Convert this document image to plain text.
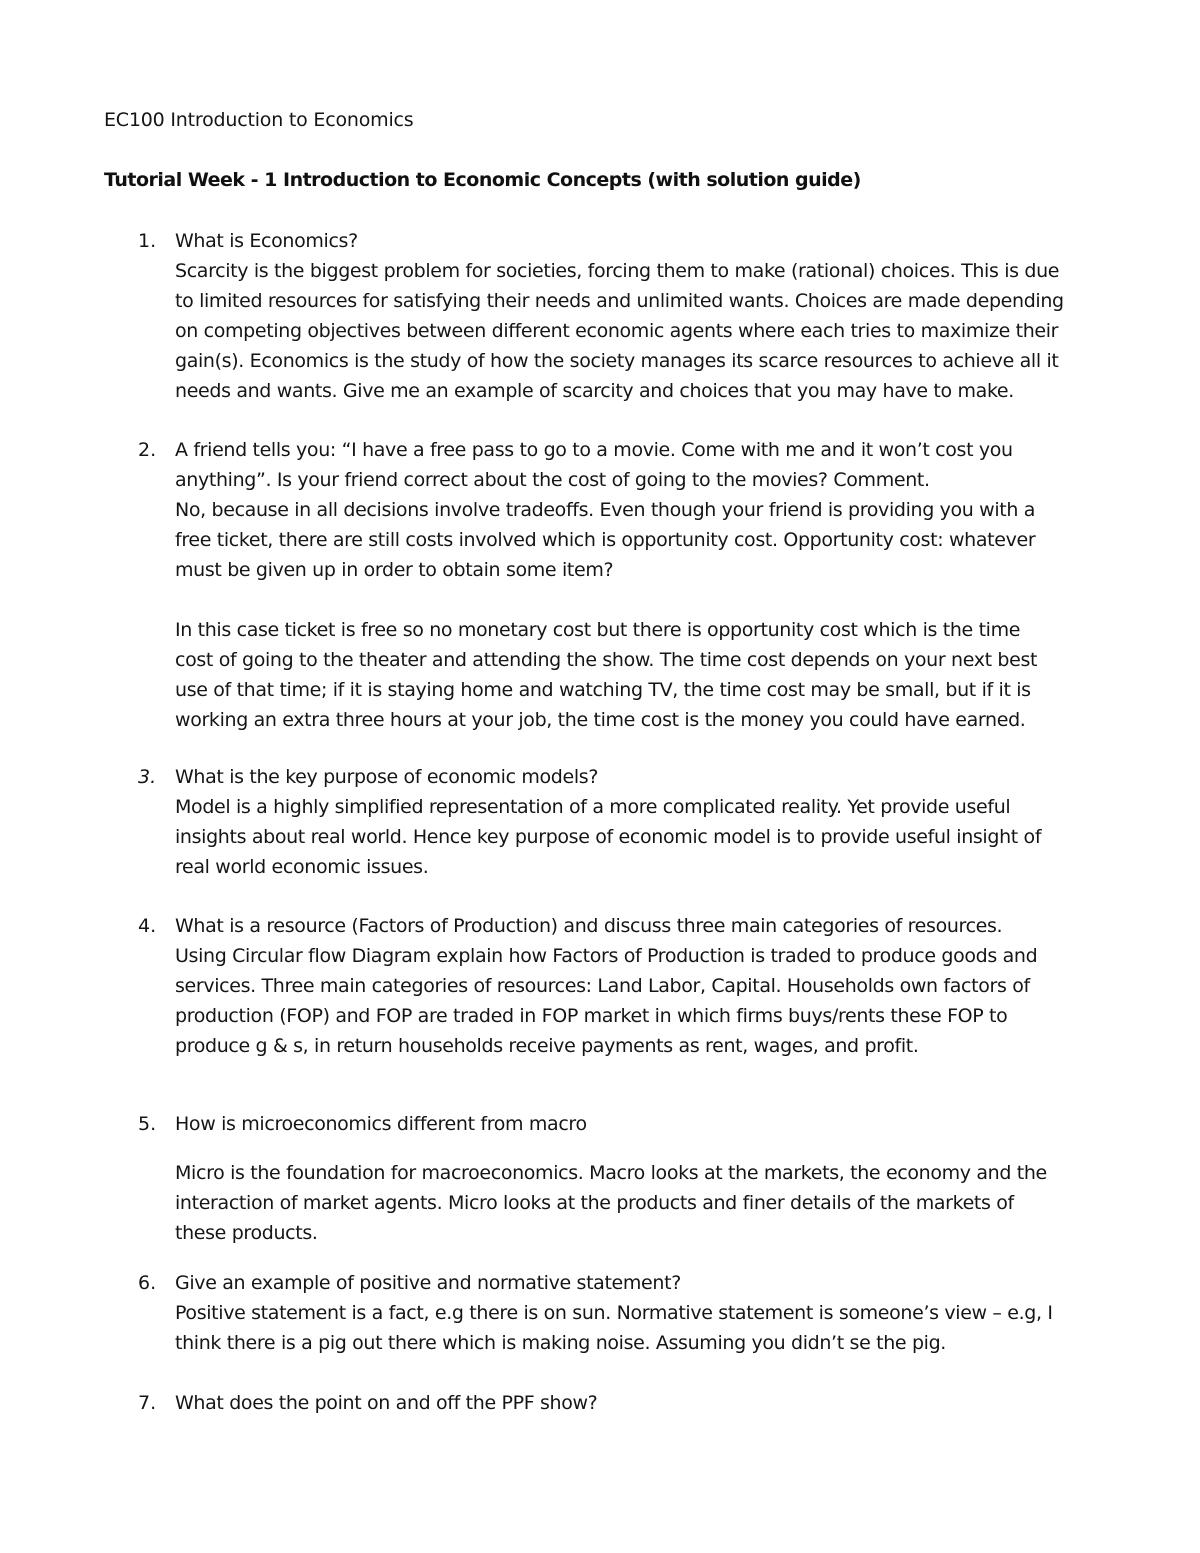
EC100 Introduction to Economics
Tutorial Week - 1 Introduction to Economic Concepts (with solution guide)
1. What is Economics?
Scarcity is the biggest problem for societies, forcing them to make (rational) choices. This is due
to limited resources for satisfying their needs and unlimited wants. Choices are made depending
on competing objectives between different economic agents where each tries to maximize their
gain(s). Economics is the study of how the society manages its scarce resources to achieve all it
needs and wants. Give me an example of scarcity and choices that you may have to make.
2. A friend tells you: “I have a free pass to go to a movie. Come with me and it won’t cost you
anything”. Is your friend correct about the cost of going to the movies? Comment.
No, because in all decisions involve tradeoffs. Even though your friend is providing you with a
free ticket, there are still costs involved which is opportunity cost. Opportunity cost: whatever
must be given up in order to obtain some item?
In this case ticket is free so no monetary cost but there is opportunity cost which is the time
cost of going to the theater and attending the show. The time cost depends on your next best
use of that time; if it is staying home and watching TV, the time cost may be small, but if it is
working an extra three hours at your job, the time cost is the money you could have earned.
3. What is the key purpose of economic models?
Model is a highly simplified representation of a more complicated reality. Yet provide useful
insights about real world. Hence key purpose of economic model is to provide useful insight of
real world economic issues.
4. What is a resource (Factors of Production) and discuss three main categories of resources.
Using Circular flow Diagram explain how Factors of Production is traded to produce goods and
services. Three main categories of resources: Land Labor, Capital. Households own factors of
production (FOP) and FOP are traded in FOP market in which firms buys/rents these FOP to
produce g & s, in return households receive payments as rent, wages, and profit.
5. How is microeconomics different from macro
Micro is the foundation for macroeconomics. Macro looks at the markets, the economy and the
interaction of market agents. Micro looks at the products and finer details of the markets of
these products.
6. Give an example of positive and normative statement?
Positive statement is a fact, e.g there is on sun. Normative statement is someone’s view – e.g, I
think there is a pig out there which is making noise. Assuming you didn’t se the pig.
7. What does the point on and off the PPF show?
